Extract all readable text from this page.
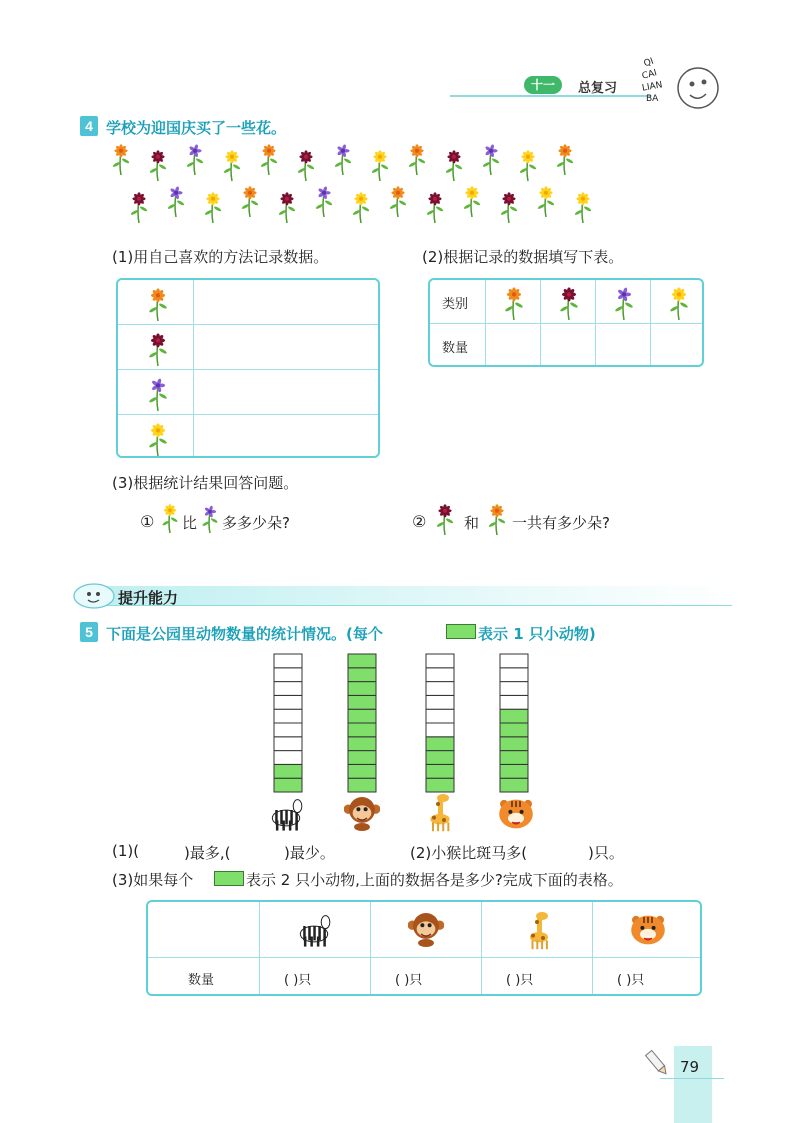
十一	总复习
QI
CAI
LIAN
BA
4 学校为迎国庆买了一些花。
(1)用自己喜欢的方法记录数据。	(2)根据记录的数据填写下表。
类别
数量
(3)根据统计结果回答问题。
① 比 多多少朵?	②	和 一共有多少朵?
提升能力
5 下面是公园里动物数量的统计情况。(每个	表示 1 只小动物)
(1)(	)最多,(	)最少。	(2)小猴比斑马多(	)只。
(3)如果每个	表示 2 只小动物,上面的数据各是多少?完成下面的表格。
数量	( )只	( )只	( )只	( )只
79
